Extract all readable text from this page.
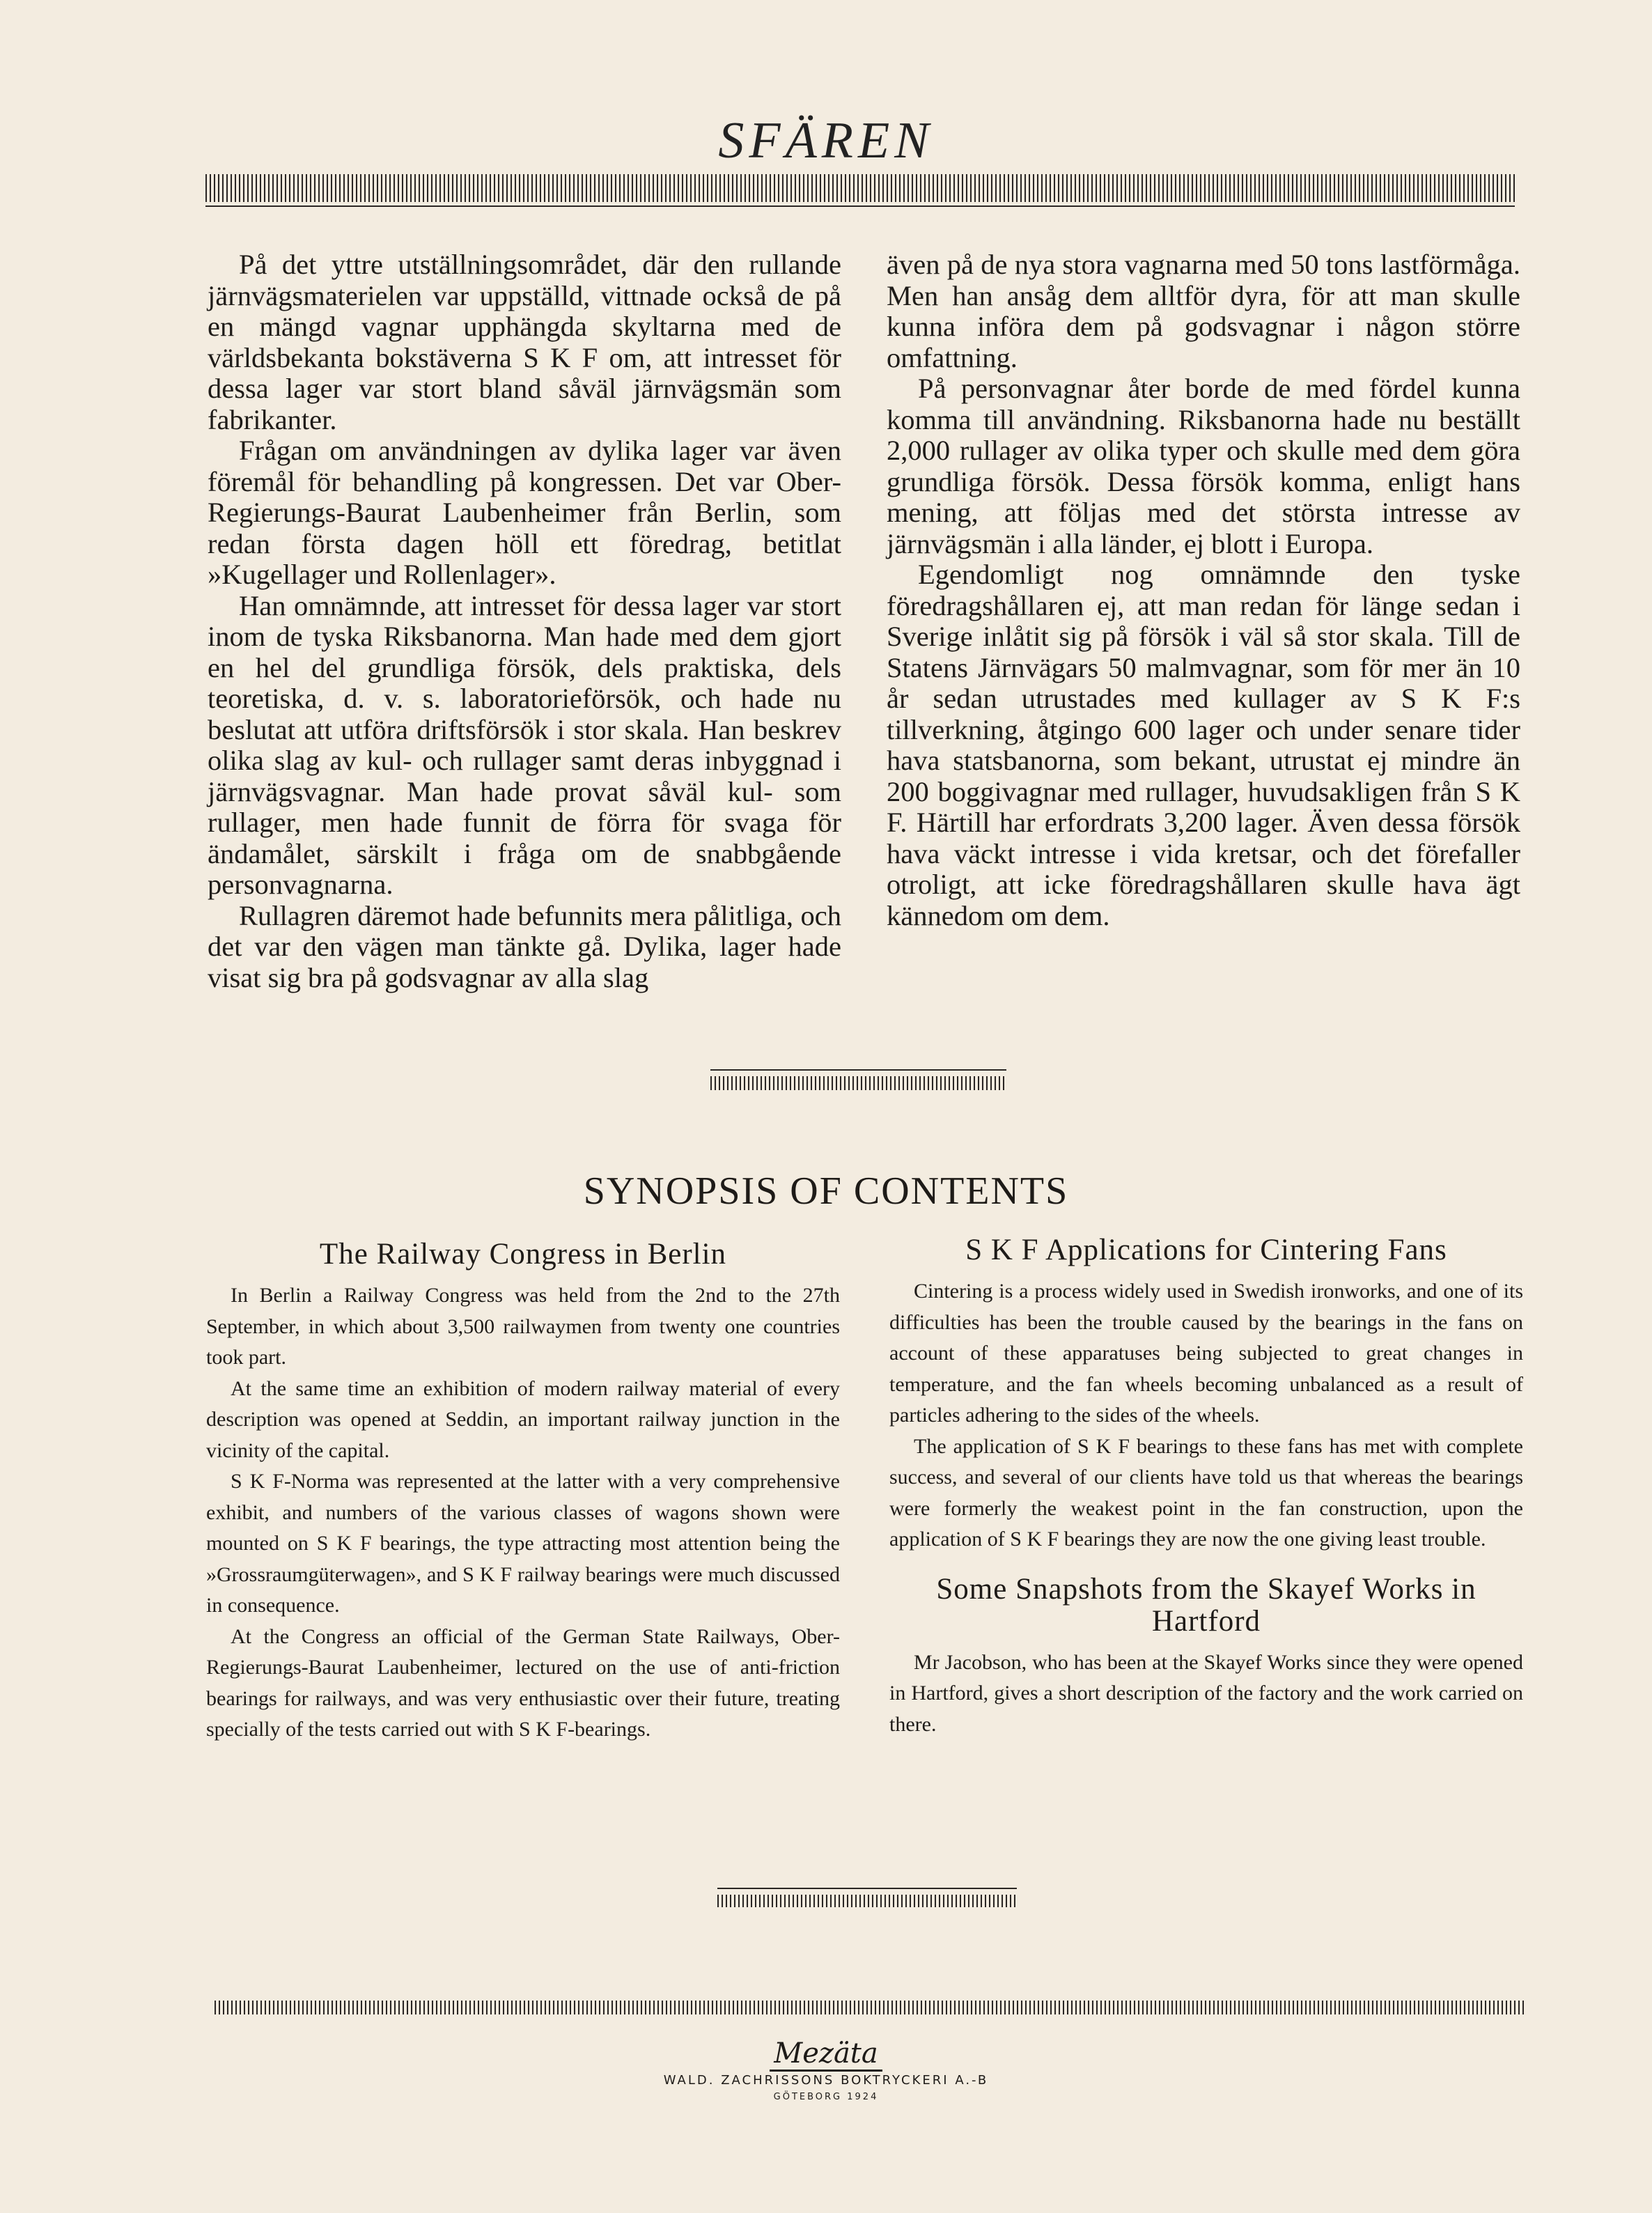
SFÄREN

På det yttre utställningsområdet, där den rullande järnvägsmaterielen var uppställd, vittnade också de på en mängd vagnar upphängda skyltarna med de världsbekanta bokstäverna S K F om, att intresset för dessa lager var stort bland såväl järnvägsmän som fabrikanter.

Frågan om användningen av dylika lager var även föremål för behandling på kongressen. Det var Ober-Regierungs-Baurat Laubenheimer från Berlin, som redan första dagen höll ett föredrag, betitlat »Kugellager und Rollenlager».

Han omnämnde, att intresset för dessa lager var stort inom de tyska Riksbanorna. Man hade med dem gjort en hel del grundliga försök, dels praktiska, dels teoretiska, d. v. s. laboratorieförsök, och hade nu beslutat att utföra driftsförsök i stor skala. Han beskrev olika slag av kul- och rullager samt deras inbyggnad i järnvägsvagnar. Man hade provat såväl kul- som rullager, men hade funnit de förra för svaga för ändamålet, särskilt i fråga om de snabbgående personvagnarna.

Rullagren däremot hade befunnits mera pålitliga, och det var den vägen man tänkte gå. Dylika, lager hade visat sig bra på godsvagnar av alla slag

även på de nya stora vagnarna med 50 tons lastförmåga. Men han ansåg dem alltför dyra, för att man skulle kunna införa dem på godsvagnar i någon större omfattning.

På personvagnar åter borde de med fördel kunna komma till användning. Riksbanorna hade nu beställt 2,000 rullager av olika typer och skulle med dem göra grundliga försök. Dessa försök komma, enligt hans mening, att följas med det största intresse av järnvägsmän i alla länder, ej blott i Europa.

Egendomligt nog omnämnde den tyske föredragshållaren ej, att man redan för länge sedan i Sverige inlåtit sig på försök i väl så stor skala. Till de Statens Järnvägars 50 malmvagnar, som för mer än 10 år sedan utrustades med kullager av S K F:s tillverkning, åtgingo 600 lager och under senare tider hava statsbanorna, som bekant, utrustat ej mindre än 200 boggivagnar med rullager, huvudsakligen från S K F. Härtill har erfordrats 3,200 lager. Även dessa försök hava väckt intresse i vida kretsar, och det förefaller otroligt, att icke föredragshållaren skulle hava ägt kännedom om dem.

SYNOPSIS OF CONTENTS
The Railway Congress in Berlin

In Berlin a Railway Congress was held from the 2nd to the 27th September, in which about 3,500 railwaymen from twenty one countries took part.

At the same time an exhibition of modern railway material of every description was opened at Seddin, an important railway junction in the vicinity of the capital.

S K F-Norma was represented at the latter with a very comprehensive exhibit, and numbers of the various classes of wagons shown were mounted on S K F bearings, the type attracting most attention being the »Grossraumgüterwagen», and S K F railway bearings were much discussed in consequence.

At the Congress an official of the German State Railways, Ober-Regierungs-Baurat Laubenheimer, lectured on the use of anti-friction bearings for railways, and was very enthusiastic over their future, treating specially of the tests carried out with S K F-bearings.

S K F Applications for Cintering Fans

Cintering is a process widely used in Swedish ironworks, and one of its difficulties has been the trouble caused by the bearings in the fans on account of these apparatuses being subjected to great changes in temperature, and the fan wheels becoming unbalanced as a result of particles adhering to the sides of the wheels.

The application of S K F bearings to these fans has met with complete success, and several of our clients have told us that whereas the bearings were formerly the weakest point in the fan construction, upon the application of S K F bearings they are now the one giving least trouble.

Some Snapshots from the Skayef Works in Hartford

Mr Jacobson, who has been at the Skayef Works since they were opened in Hartford, gives a short description of the factory and the work carried on there.

Mezäta
WALD. ZACHRISSONS BOKTRYCKERI A.-B
GÖTEBORG 1924
